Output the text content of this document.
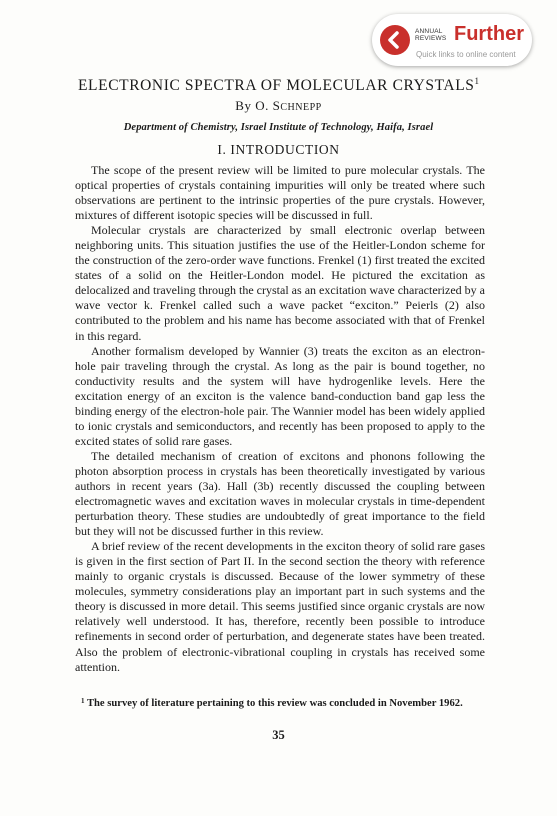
ANNUAL
REVIEWS Further
Quick links to online content
ELECTRONIC SPECTRA OF MOLECULAR CRYSTALS$^1$
By O. SCHNEPP
Department of Chemistry, Israel Institute of Technology, Haifa, Israel
I. INTRODUCTION

The scope of the present review will be limited to pure molecular crystals. The optical properties of crystals containing impurities will only be treated where such observations are pertinent to the intrinsic properties of the pure crystals. However, mixtures of different isotopic species will be discussed in full.

Molecular crystals are characterized by small electronic overlap between neighboring units. This situation justifies the use of the Heitler-London scheme for the construction of the zero-order wave functions. Frenkel (1) first treated the excited states of a solid on the Heitler-London model. He pictured the excitation as delocalized and traveling through the crystal as an excitation wave characterized by a wave vector k. Frenkel called such a wave packet “exciton.” Peierls (2) also contributed to the problem and his name has become associated with that of Frenkel in this regard.

Another formalism developed by Wannier (3) treats the exciton as an electron-hole pair traveling through the crystal. As long as the pair is bound together, no conductivity results and the system will have hydrogenlike levels. Here the excitation energy of an exciton is the valence band-conduction band gap less the binding energy of the electron-hole pair. The Wannier model has been widely applied to ionic crystals and semiconductors, and recently has been proposed to apply to the excited states of solid rare gases.

The detailed mechanism of creation of excitons and phonons following the photon absorption process in crystals has been theoretically investigated by various authors in recent years (3a). Hall (3b) recently discussed the coupling between electromagnetic waves and excitation waves in molecular crystals in time-dependent perturbation theory. These studies are undoubtedly of great importance to the field but they will not be discussed further in this review.

A brief review of the recent developments in the exciton theory of solid rare gases is given in the first section of Part II. In the second section the theory with reference mainly to organic crystals is discussed. Because of the lower symmetry of these molecules, symmetry considerations play an important part in such systems and the theory is discussed in more detail. This seems justified since organic crystals are now relatively well understood. It has, therefore, recently been possible to introduce refinements in second order of perturbation, and degenerate states have been treated. Also the problem of electronic-vibrational coupling in crystals has received some attention.

$^1$ The survey of literature pertaining to this review was concluded in November 1962.
35
